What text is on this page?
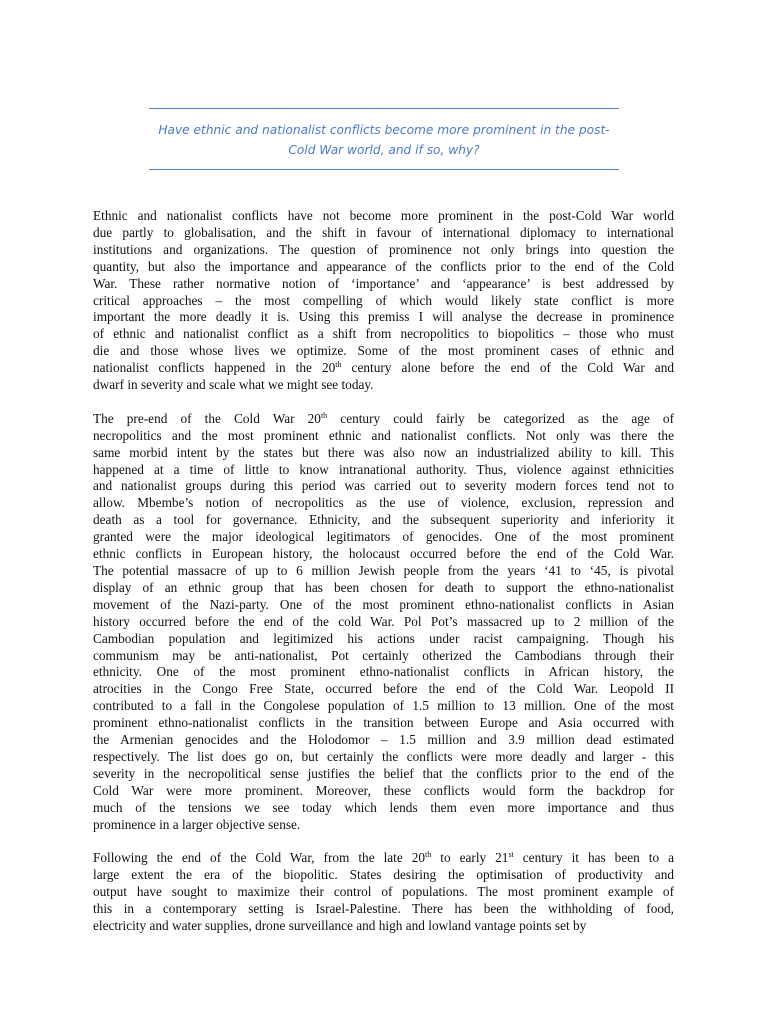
Have ethnic and nationalist conflicts become more prominent in the post-
Cold War world, and if so, why?
Ethnic and nationalist conflicts have not become more prominent in the post-Cold War world
due partly to globalisation, and the shift in favour of international diplomacy to international
institutions and organizations. The question of prominence not only brings into question the
quantity, but also the importance and appearance of the conflicts prior to the end of the Cold
War. These rather normative notion of ‘importance’ and ‘appearance’ is best addressed by
critical approaches – the most compelling of which would likely state conflict is more
important the more deadly it is. Using this premiss I will analyse the decrease in prominence
of ethnic and nationalist conflict as a shift from necropolitics to biopolitics – those who must
die and those whose lives we optimize. Some of the most prominent cases of ethnic and
nationalist conflicts happened in the 20th century alone before the end of the Cold War and
dwarf in severity and scale what we might see today.
The pre-end of the Cold War 20th century could fairly be categorized as the age of
necropolitics and the most prominent ethnic and nationalist conflicts. Not only was there the
same morbid intent by the states but there was also now an industrialized ability to kill. This
happened at a time of little to know intranational authority. Thus, violence against ethnicities
and nationalist groups during this period was carried out to severity modern forces tend not to
allow. Mbembe’s notion of necropolitics as the use of violence, exclusion, repression and
death as a tool for governance. Ethnicity, and the subsequent superiority and inferiority it
granted were the major ideological legitimators of genocides. One of the most prominent
ethnic conflicts in European history, the holocaust occurred before the end of the Cold War.
The potential massacre of up to 6 million Jewish people from the years ‘41 to ‘45, is pivotal
display of an ethnic group that has been chosen for death to support the ethno-nationalist
movement of the Nazi-party. One of the most prominent ethno-nationalist conflicts in Asian
history occurred before the end of the cold War. Pol Pot’s massacred up to 2 million of the
Cambodian population and legitimized his actions under racist campaigning. Though his
communism may be anti-nationalist, Pot certainly otherized the Cambodians through their
ethnicity. One of the most prominent ethno-nationalist conflicts in African history, the
atrocities in the Congo Free State, occurred before the end of the Cold War. Leopold II
contributed to a fall in the Congolese population of 1.5 million to 13 million. One of the most
prominent ethno-nationalist conflicts in the transition between Europe and Asia occurred with
the Armenian genocides and the Holodomor – 1.5 million and 3.9 million dead estimated
respectively. The list does go on, but certainly the conflicts were more deadly and larger - this
severity in the necropolitical sense justifies the belief that the conflicts prior to the end of the
Cold War were more prominent. Moreover, these conflicts would form the backdrop for
much of the tensions we see today which lends them even more importance and thus
prominence in a larger objective sense.
Following the end of the Cold War, from the late 20th to early 21st century it has been to a
large extent the era of the biopolitic. States desiring the optimisation of productivity and
output have sought to maximize their control of populations. The most prominent example of
this in a contemporary setting is Israel-Palestine. There has been the withholding of food,
electricity and water supplies, drone surveillance and high and lowland vantage points set by
